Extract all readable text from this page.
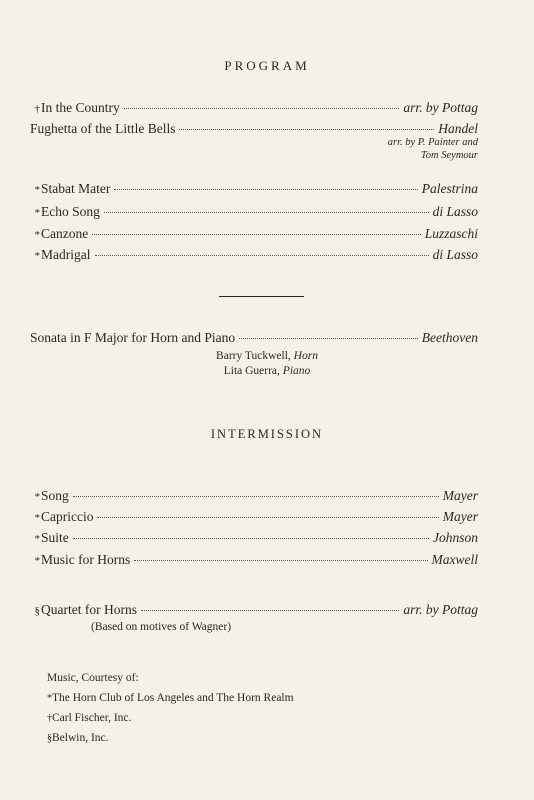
PROGRAM
† In the Country	arr. by Pottag
Fughetta of the Little Bells	Handel
arr. by P. Painter and
Tom Seymour
* Stabat Mater	Palestrina
* Echo Song	di Lasso
* Canzone	Luzzaschi
* Madrigal	di Lasso
Sonata in F Major for Horn and Piano	Beethoven
Barry Tuckwell, Horn
Lita Guerra, Piano
INTERMISSION
* Song	Mayer
* Capriccio	Mayer
* Suite	Johnson
* Music for Horns	Maxwell
§ Quartet for Horns	arr. by Pottag
(Based on motives of Wagner)
Music, Courtesy of:
*The Horn Club of Los Angeles and The Horn Realm
†Carl Fischer, Inc.
§Belwin, Inc.
